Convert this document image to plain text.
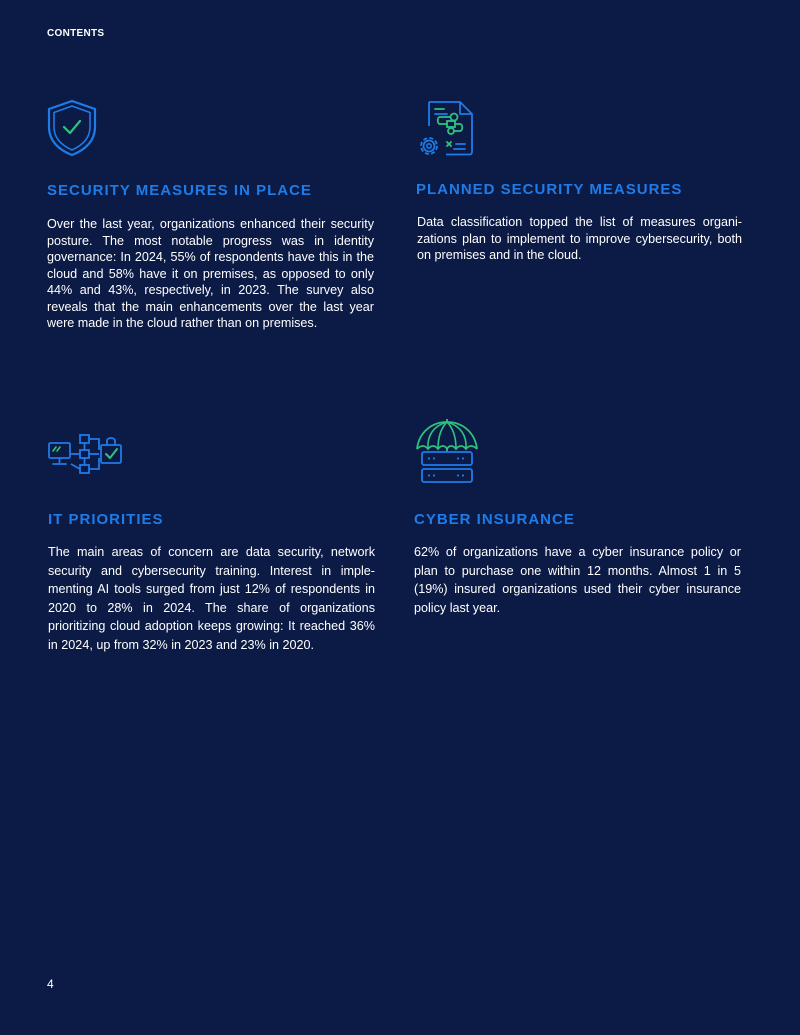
CONTENTS
SECURITY MEASURES IN PLACE

Over the last year, organizations enhanced their security posture. The most notable progress was in identity governance: In 2024, 55% of respondents have this in the cloud and 58% have it on premises, as opposed to only 44% and 43%, respectively, in 2023. The survey also reveals that the main enhancements over the last year were made in the cloud rather than on premises.

PLANNED SECURITY MEASURES

Data classification topped the list of measures organi-zations plan to implement to improve cybersecurity, both on premises and in the cloud.

IT PRIORITIES

The main areas of concern are data security, network security and cybersecurity training. Interest in imple-menting AI tools surged from just 12% of respondents in 2020 to 28% in 2024. The share of organizations prioritizing cloud adoption keeps growing: It reached 36% in 2024, up from 32% in 2023 and 23% in 2020.

CYBER INSURANCE

62% of organizations have a cyber insurance policy or plan to purchase one within 12 months. Almost 1 in 5 (19%) insured organizations used their cyber insurance policy last year.

4
